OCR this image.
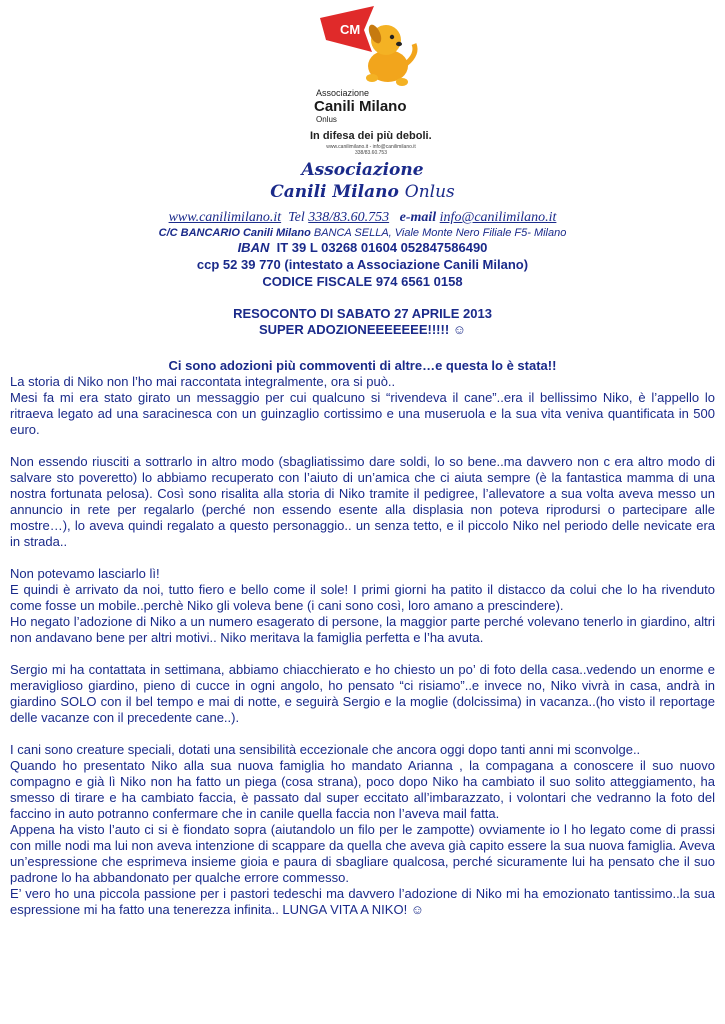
CM
Associazione
Canili Milano
Onlus
In difesa dei più deboli.
www.canilimilano.it - info@canilimilano.it
338/83.60.753
Associazione
Canili Milano Onlus
www.canilimilano.it Tel 338/83.60.753 e-mail info@canilimilano.it
C/C BANCARIO Canili Milano BANCA SELLA, Viale Monte Nero Filiale F5- Milano
IBAN IT 39 L 03268 01604 052847586490
ccp 52 39 770 (intestato a Associazione Canili Milano)
CODICE FISCALE 974 6561 0158
RESOCONTO DI SABATO 27 APRILE 2013
SUPER ADOZIONEEEEEEE!!!!! ☺
Ci sono adozioni più commoventi di altre…e questa lo è stata!!

La storia di Niko non l’ho mai raccontata integralmente, ora si può..

Mesi fa mi era stato girato un messaggio per cui qualcuno si “rivendeva il cane”..era il bellissimo Niko, è l’appello lo ritraeva legato ad una saracinesca con un guinzaglio cortissimo e una museruola e la sua vita veniva quantificata in 500 euro.

Non essendo riusciti a sottrarlo in altro modo (sbagliatissimo dare soldi, lo so bene..ma davvero non c era altro modo di salvare sto poveretto) lo abbiamo recuperato con l’aiuto di un’amica che ci aiuta sempre (è la fantastica mamma di una nostra fortunata pelosa). Così sono risalita alla storia di Niko tramite il pedigree, l’allevatore a sua volta aveva messo un annuncio in rete per regalarlo (perché non essendo esente alla displasia non poteva riprodursi o partecipare alle mostre…), lo aveva quindi regalato a questo personaggio.. un senza tetto, e il piccolo Niko nel periodo delle nevicate era in strada..

Non potevamo lasciarlo lì!

E quindi è arrivato da noi, tutto fiero e bello come il sole! I primi giorni ha patito il distacco da colui che lo ha rivenduto come fosse un mobile..perchè Niko gli voleva bene (i cani sono così, loro amano a prescindere).

Ho negato l’adozione di Niko a un numero esagerato di persone, la maggior parte perché volevano tenerlo in giardino, altri non andavano bene per altri motivi.. Niko meritava la famiglia perfetta e l’ha avuta.

Sergio mi ha contattata in settimana, abbiamo chiacchierato e ho chiesto un po’ di foto della casa..vedendo un enorme e meraviglioso giardino, pieno di cucce in ogni angolo, ho pensato “ci risiamo”..e invece no, Niko vivrà in casa, andrà in giardino SOLO con il bel tempo e mai di notte, e seguirà Sergio e la moglie (dolcissima) in vacanza..(ho visto il reportage delle vacanze con il precedente cane..).

I cani sono creature speciali, dotati una sensibilità eccezionale che ancora oggi dopo tanti anni mi sconvolge..

Quando ho presentato Niko alla sua nuova famiglia ho mandato Arianna , la compagana a conoscere il suo nuovo compagno e già lì Niko non ha fatto un piega (cosa strana), poco dopo Niko ha cambiato il suo solito atteggiamento, ha smesso di tirare e ha cambiato faccia, è passato dal super eccitato all’imbarazzato, i volontari che vedranno la foto del faccino in auto potranno confermare che in canile quella faccia non l’aveva mail fatta.

Appena ha visto l’auto ci si è fiondato sopra (aiutandolo un filo per le zampotte) ovviamente io l ho legato come di prassi con mille nodi ma lui non aveva intenzione di scappare da quella che aveva già capito essere la sua nuova famiglia. Aveva un’espressione che esprimeva insieme gioia e paura di sbagliare qualcosa, perché sicuramente lui ha pensato che il suo padrone lo ha abbandonato per qualche errore commesso.

E’ vero ho una piccola passione per i pastori tedeschi ma davvero l’adozione di Niko mi ha emozionato tantissimo..la sua espressione mi ha fatto una tenerezza infinita.. LUNGA VITA A NIKO! ☺
